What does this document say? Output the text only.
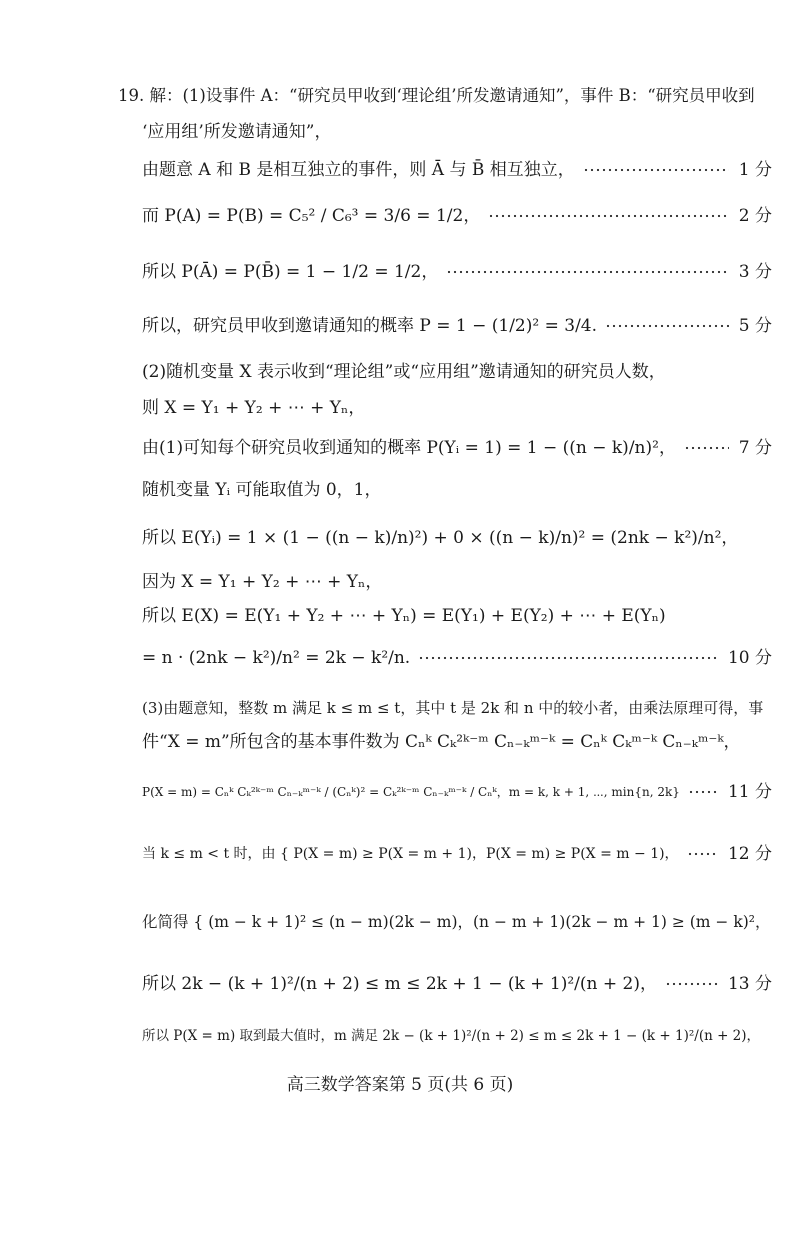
19. 解：(1)设事件 A：“研究员甲收到‘理论组’所发邀请通知”，事件 B：“研究员甲收到
‘应用组’所发邀请通知”，
由题意 A 和 B 是相互独立的事件，则 Ā 与 B̄ 相互独立，	1 分
而 P(A) = P(B) = C₅² / C₆³ = 3/6 = 1/2，	2 分
所以 P(Ā) = P(B̄) = 1 − 1/2 = 1/2，	3 分
所以，研究员甲收到邀请通知的概率 P = 1 − (1/2)² = 3/4.	5 分
(2)随机变量 X 表示收到“理论组”或“应用组”邀请通知的研究员人数，
则 X = Y₁ + Y₂ + ⋯ + Yₙ，
由(1)可知每个研究员收到通知的概率 P(Yᵢ = 1) = 1 − ((n − k)/n)²，	7 分
随机变量 Yᵢ 可能取值为 0，1，
所以 E(Yᵢ) = 1 × (1 − ((n − k)/n)²) + 0 × ((n − k)/n)² = (2nk − k²)/n²，
因为 X = Y₁ + Y₂ + ⋯ + Yₙ，
所以 E(X) = E(Y₁ + Y₂ + ⋯ + Yₙ) = E(Y₁) + E(Y₂) + ⋯ + E(Yₙ)
= n · (2nk − k²)/n² = 2k − k²/n.	10 分
(3)由题意知，整数 m 满足 k ≤ m ≤ t，其中 t 是 2k 和 n 中的较小者，由乘法原理可得，事
件“X = m”所包含的基本事件数为 Cₙᵏ Cₖ²ᵏ⁻ᵐ Cₙ₋ₖᵐ⁻ᵏ = Cₙᵏ Cₖᵐ⁻ᵏ Cₙ₋ₖᵐ⁻ᵏ，
P(X = m) = Cₙᵏ Cₖ²ᵏ⁻ᵐ Cₙ₋ₖᵐ⁻ᵏ / (Cₙᵏ)² = Cₖ²ᵏ⁻ᵐ Cₙ₋ₖᵐ⁻ᵏ / Cₙᵏ，m = k, k + 1, ⋯, min{n, 2k}	11 分
当 k ≤ m < t 时，由 { P(X = m) ≥ P(X = m + 1)，P(X = m) ≥ P(X = m − 1)，	12 分
化简得 { (m − k + 1)² ≤ (n − m)(2k − m)，(n − m + 1)(2k − m + 1) ≥ (m − k)²，
所以 2k − (k + 1)²/(n + 2) ≤ m ≤ 2k + 1 − (k + 1)²/(n + 2)，	13 分
所以 P(X = m) 取到最大值时，m 满足 2k − (k + 1)²/(n + 2) ≤ m ≤ 2k + 1 − (k + 1)²/(n + 2)，
高三数学答案第 5 页(共 6 页)
